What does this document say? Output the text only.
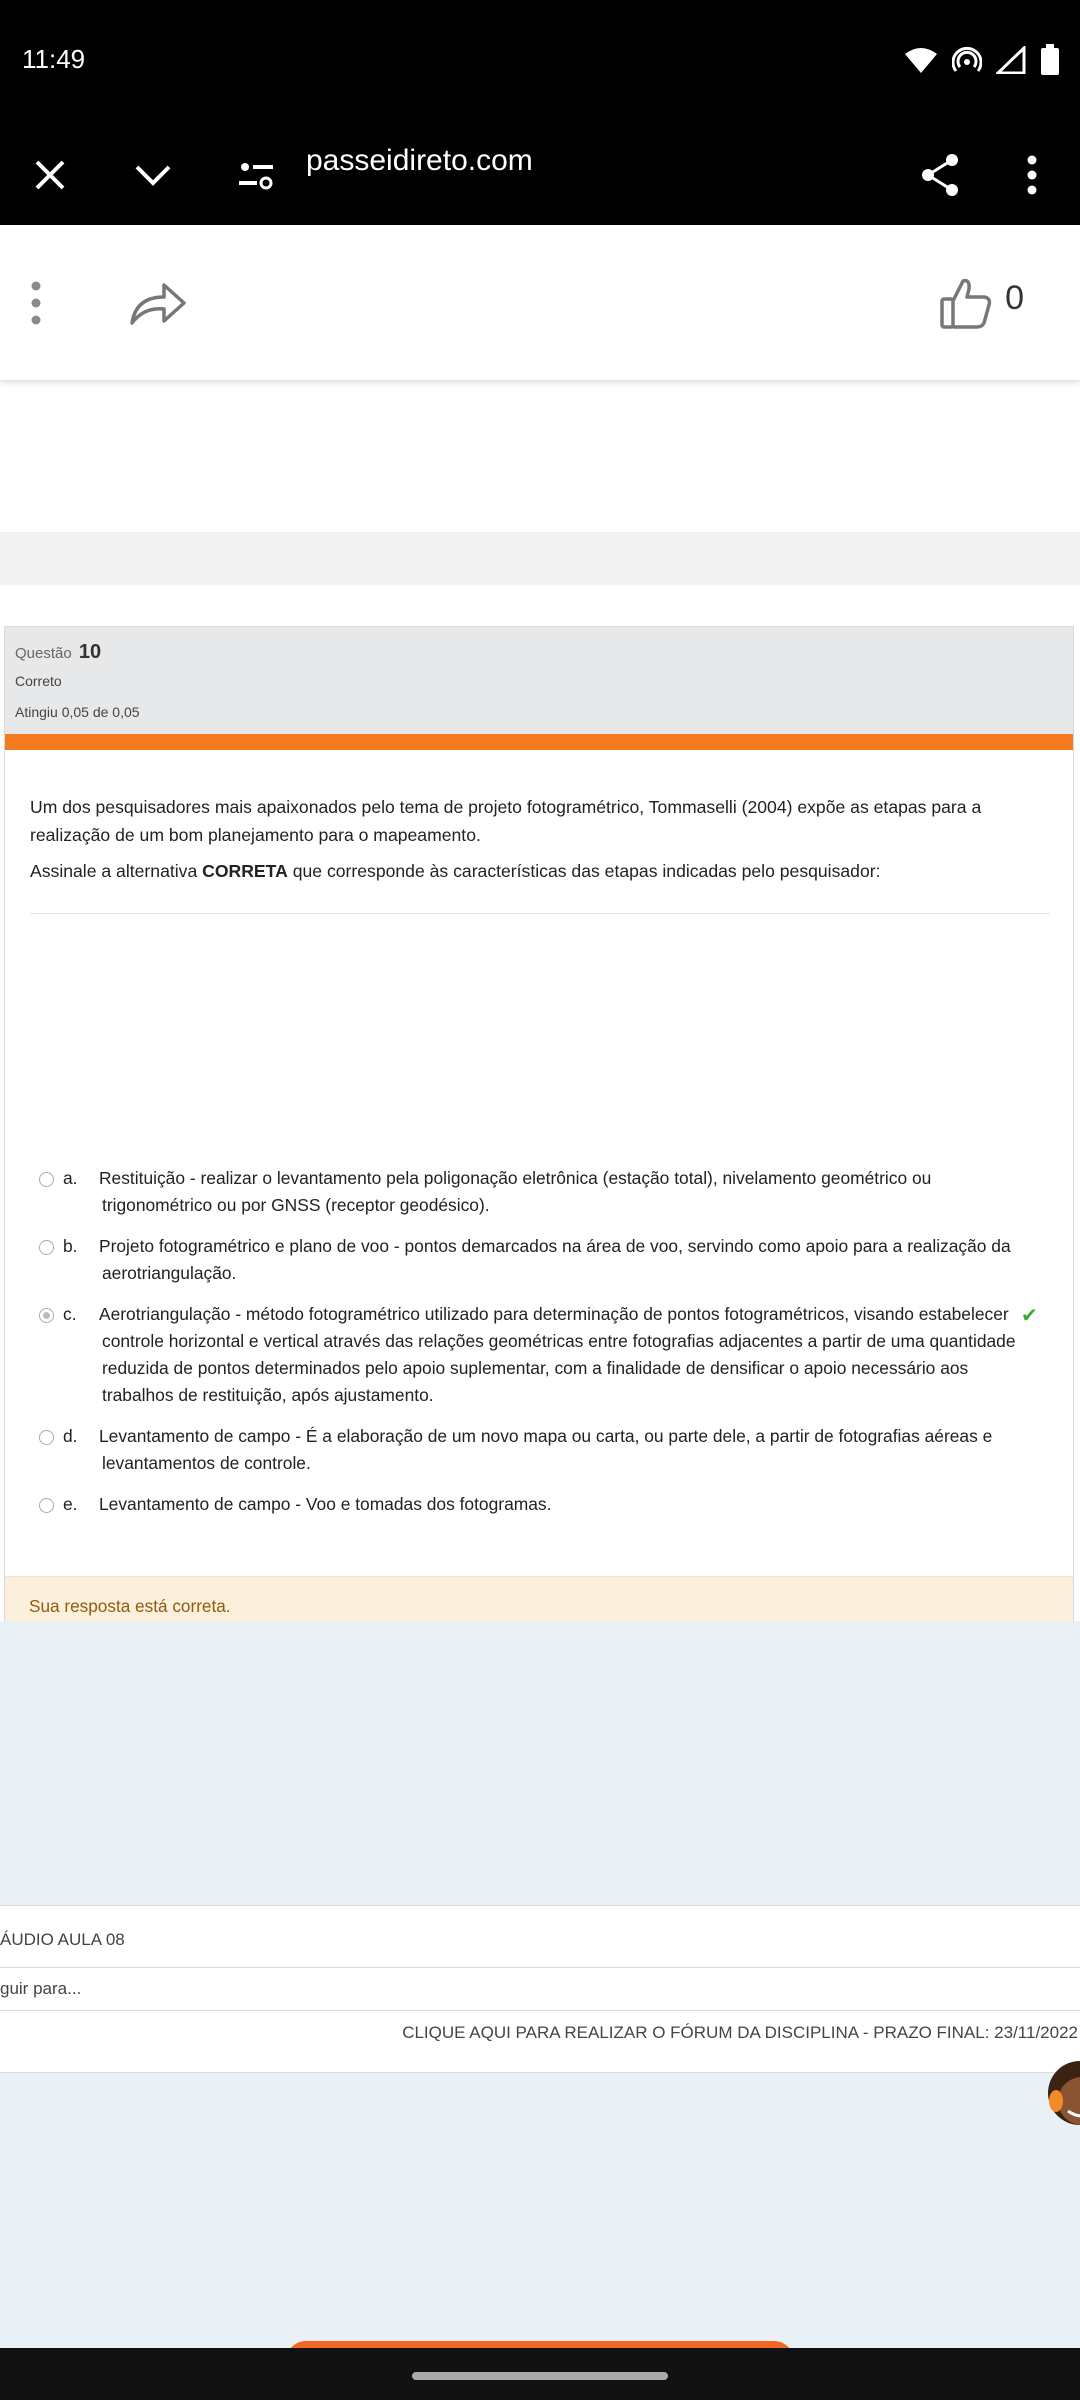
11:49
passeidireto.com
0
Questão 10
Correto
Atingiu 0,05 de 0,05
Um dos pesquisadores mais apaixonados pelo tema de projeto fotogramétrico, Tommaselli (2004) expõe as etapas para a realização de um bom planejamento para o mapeamento.
Assinale a alternativa CORRETA que corresponde às características das etapas indicadas pelo pesquisador:
a. Restituição - realizar o levantamento pela poligonação eletrônica (estação total), nivelamento geométrico ou trigonométrico ou por GNSS (receptor geodésico).
b. Projeto fotogramétrico e plano de voo - pontos demarcados na área de voo, servindo como apoio para a realização da aerotriangulação.
c. Aerotriangulação - método fotogramétrico utilizado para determinação de pontos fotogramétricos, visando estabelecer controle horizontal e vertical através das relações geométricas entre fotografias adjacentes a partir de uma quantidade reduzida de pontos determinados pelo apoio suplementar, com a finalidade de densificar o apoio necessário aos trabalhos de restituição, após ajustamento.
✔
d. Levantamento de campo - É a elaboração de um novo mapa ou carta, ou parte dele, a partir de fotografias aéreas e levantamentos de controle.
e. Levantamento de campo - Voo e tomadas dos fotogramas.
Sua resposta está correta.
ÁUDIO AULA 08
guir para...
CLIQUE AQUI PARA REALIZAR O FÓRUM DA DISCIPLINA - PRAZO FINAL: 23/11/2022
